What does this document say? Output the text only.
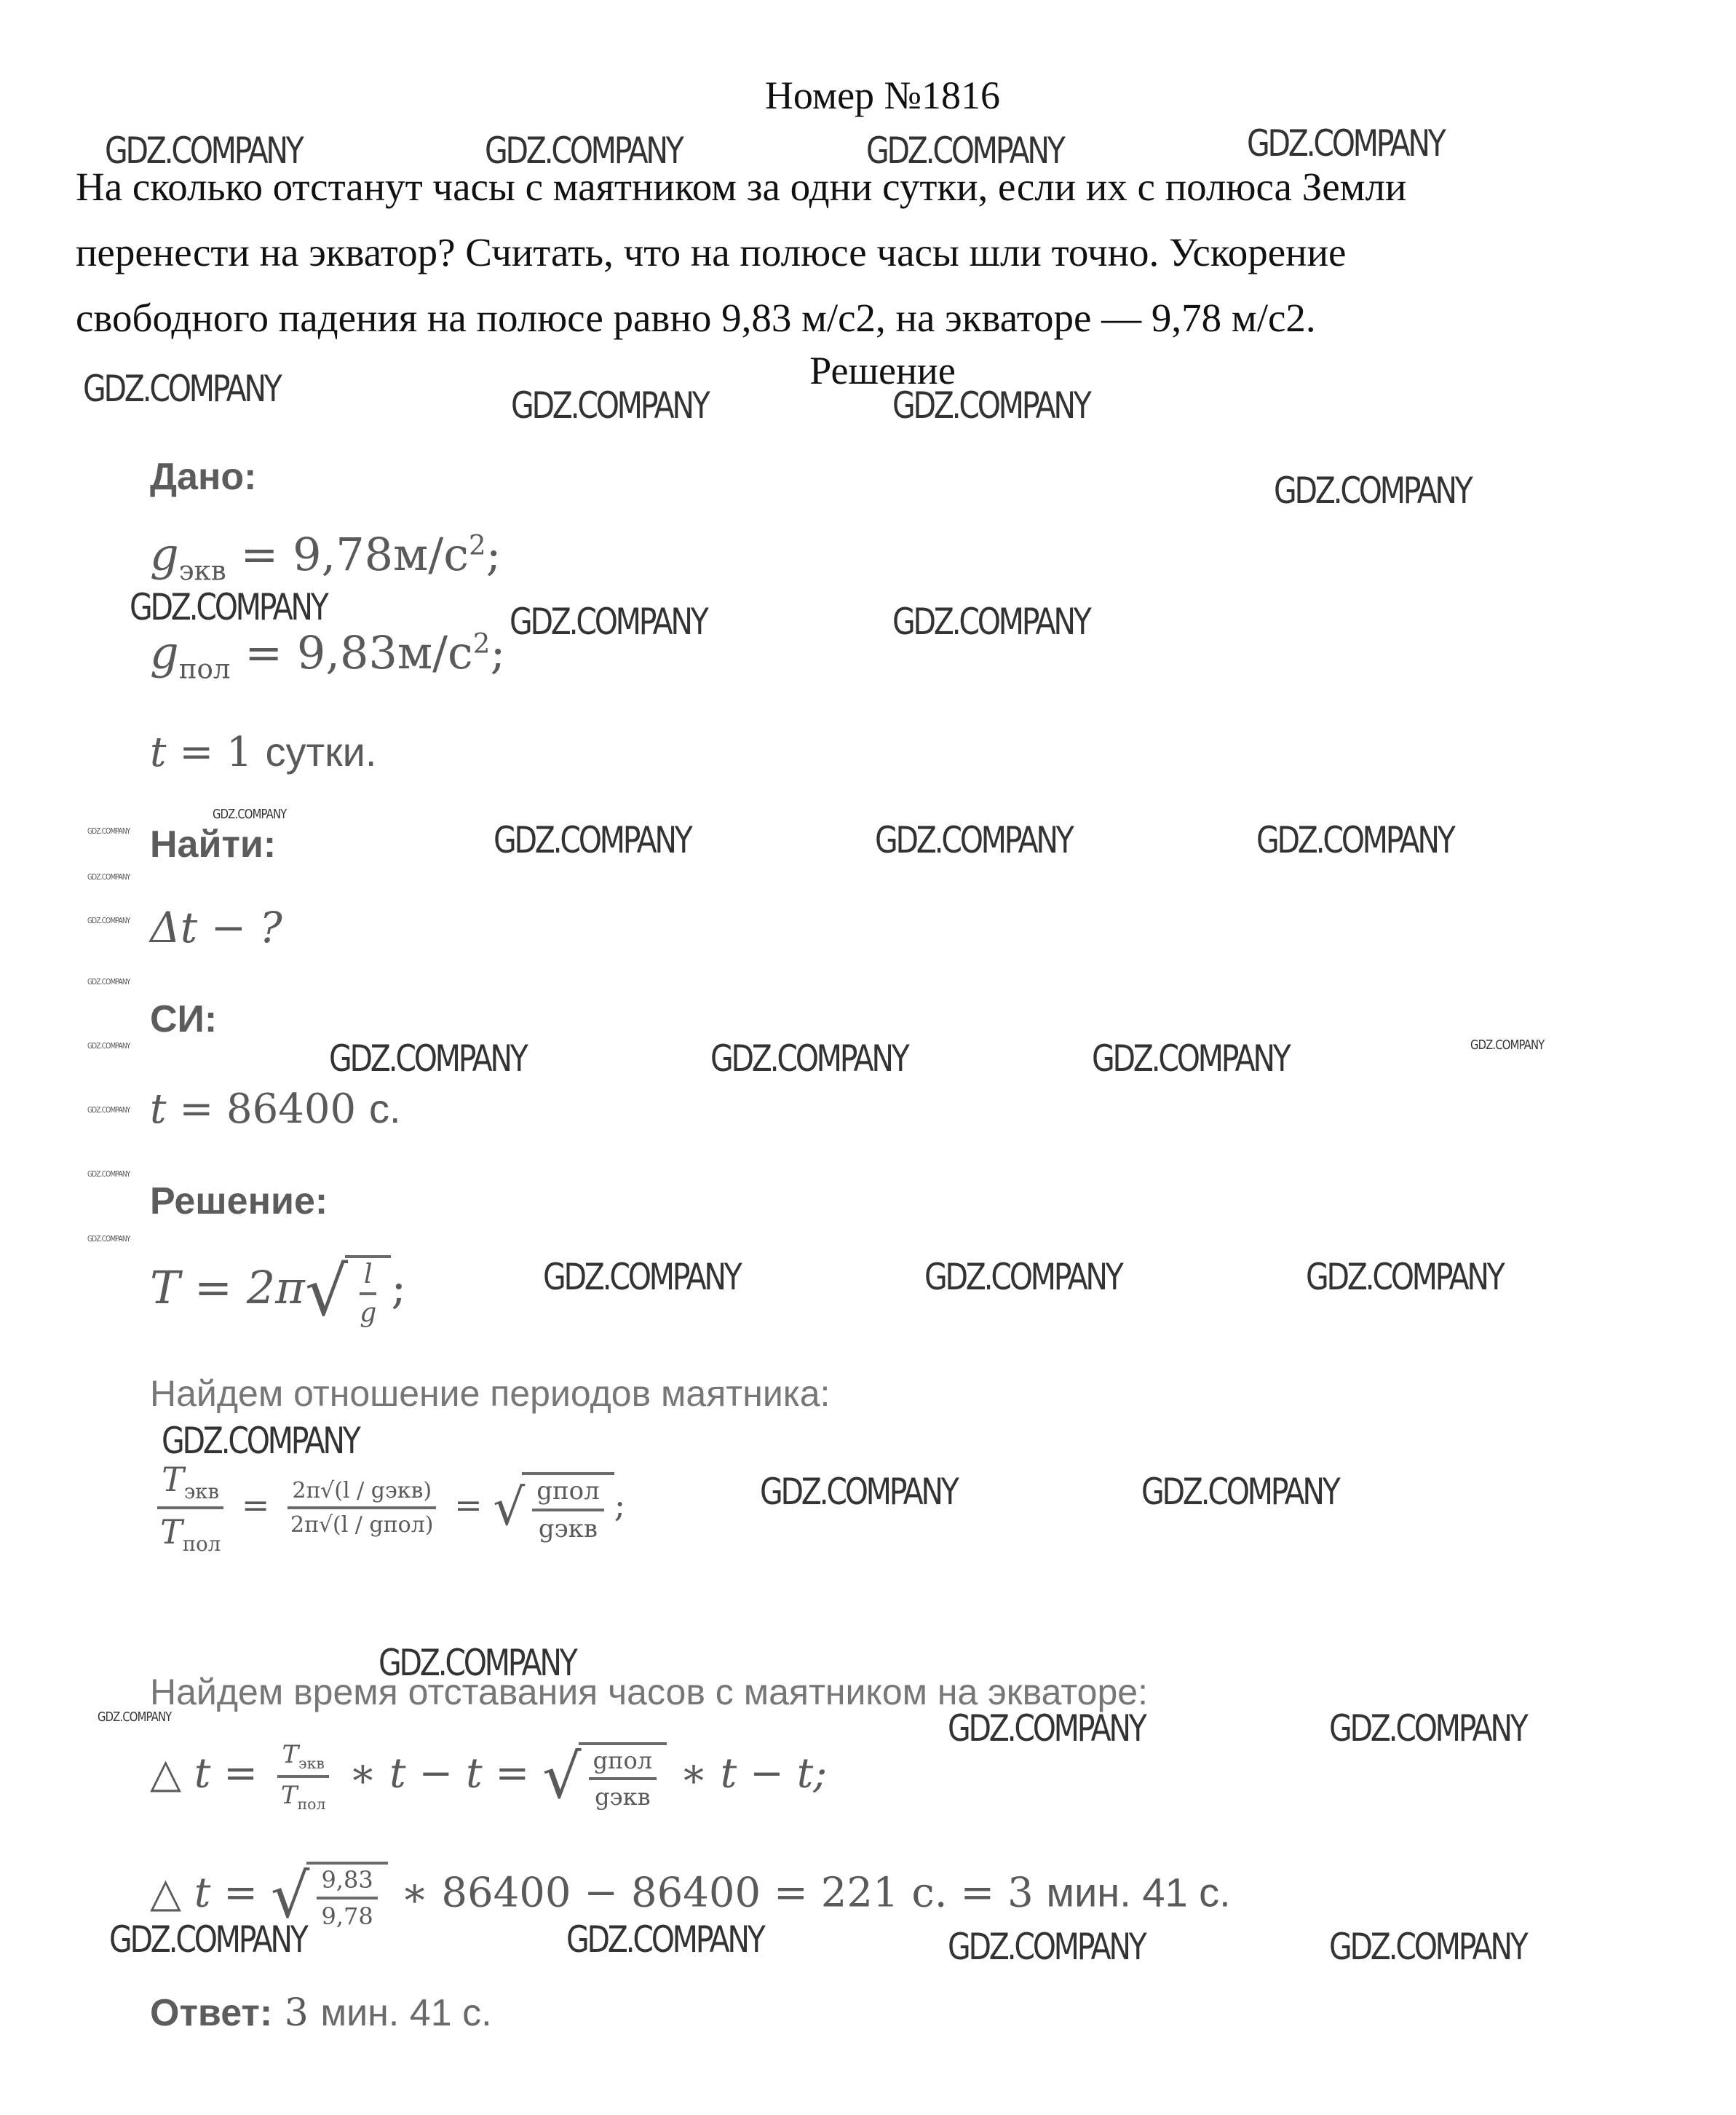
Номер №1816
На сколько отстанут часы с маятником за одни сутки, если их с полюса Земли
перенести на экватор? Считать, что на полюсе часы шли точно. Ускорение
свободного падения на полюсе равно 9,83 м/с2, на экваторе — 9,78 м/с2.
Решение
Дано:
$g_{экв} = 9,78м/с^2$;
$g_{пол} = 9,83м/с^2$;
t = 1 сутки.
Найти:
Δt − ?
СИ:
t = 86400 с.
Решение:
T = 2π √ $\frac{l}{g}$ ;
Найдем отношение периодов маятника:
$\frac{T_{экв}}{T_{пол}} = \frac{\text{2π√(l / gэкв)}}{\text{2π√(l / gпол)}}$ = √ $\frac{\text{gпол}}{\text{gэкв}}$ ;
Найдем время отставания часов с маятником на экваторе:
△ $t = \frac{T_{экв}}{T_{пол}}$ ∗ t − t = √ $\frac{\text{gпол}}{\text{gэкв}}$ ∗ t − t;
△ t = √ $\frac{9,83}{9,78}$ ∗ 86400 − 86400 = 221 с. = 3 мин. 41 с.
Ответ: 3 мин. 41 с.
GDZ.COMPANY	GDZ.COMPANY	GDZ.COMPANY	GDZ.COMPANY
GDZ.COMPANY	GDZ.COMPANY	GDZ.COMPANY
GDZ.COMPANY
GDZ.COMPANY	GDZ.COMPANY	GDZ.COMPANY
GDZ.COMPANY
GDZ.COMPANY	GDZ.COMPANY	GDZ.COMPANY
GDZ.COMPANY	GDZ.COMPANY	GDZ.COMPANY	GDZ.COMPANY
GDZ.COMPANY	GDZ.COMPANY	GDZ.COMPANY
GDZ.COMPANY
GDZ.COMPANY	GDZ.COMPANY
GDZ.COMPANY
GDZ.COMPANY	GDZ.COMPANY	GDZ.COMPANY
GDZ.COMPANY	GDZ.COMPANY	GDZ.COMPANY	GDZ.COMPANY
GDZ.COMPANY
GDZ.COMPANY
GDZ.COMPANY
GDZ.COMPANY
GDZ.COMPANY
GDZ.COMPANY
GDZ.COMPANY
GDZ.COMPANY
